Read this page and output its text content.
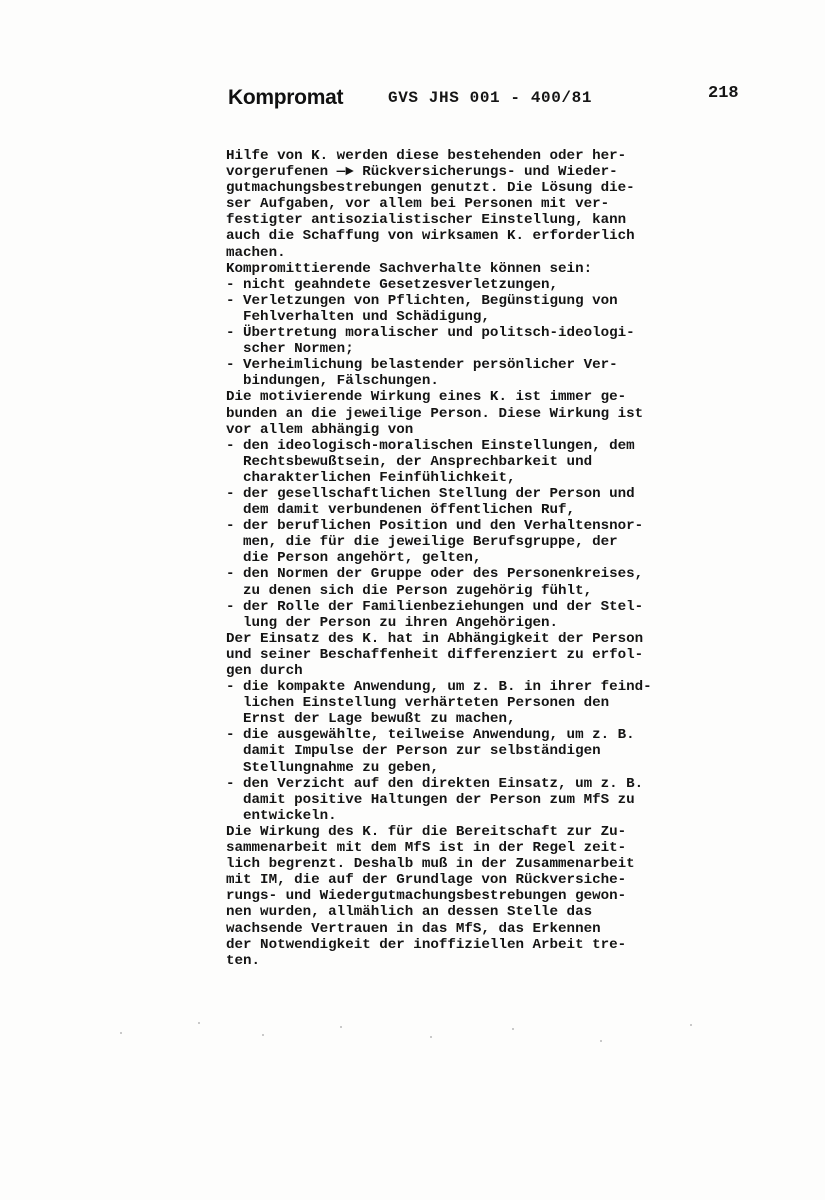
Kompromat	GVS JHS 001 - 400/81	218
Hilfe von K. werden diese bestehenden oder her-
vorgerufenen —► Rückversicherungs- und Wieder-
gutmachungsbestrebungen genutzt. Die Lösung die-
ser Aufgaben, vor allem bei Personen mit ver-
festigter antisozialistischer Einstellung, kann
auch die Schaffung von wirksamen K. erforderlich
machen.
Kompromittierende Sachverhalte können sein:
- nicht geahndete Gesetzesverletzungen,
- Verletzungen von Pflichten, Begünstigung von
Fehlverhalten und Schädigung,
- Übertretung moralischer und politsch-ideologi-
scher Normen;
- Verheimlichung belastender persönlicher Ver-
bindungen, Fälschungen.
Die motivierende Wirkung eines K. ist immer ge-
bunden an die jeweilige Person. Diese Wirkung ist
vor allem abhängig von
- den ideologisch-moralischen Einstellungen, dem
Rechtsbewußtsein, der Ansprechbarkeit und
charakterlichen Feinfühlichkeit,
- der gesellschaftlichen Stellung der Person und
dem damit verbundenen öffentlichen Ruf,
- der beruflichen Position und den Verhaltensnor-
men, die für die jeweilige Berufsgruppe, der
die Person angehört, gelten,
- den Normen der Gruppe oder des Personenkreises,
zu denen sich die Person zugehörig fühlt,
- der Rolle der Familienbeziehungen und der Stel-
lung der Person zu ihren Angehörigen.
Der Einsatz des K. hat in Abhängigkeit der Person
und seiner Beschaffenheit differenziert zu erfol-
gen durch
- die kompakte Anwendung, um z. B. in ihrer feind-
lichen Einstellung verhärteten Personen den
Ernst der Lage bewußt zu machen,
- die ausgewählte, teilweise Anwendung, um z. B.
damit Impulse der Person zur selbständigen
Stellungnahme zu geben,
- den Verzicht auf den direkten Einsatz, um z. B.
damit positive Haltungen der Person zum MfS zu
entwickeln.
Die Wirkung des K. für die Bereitschaft zur Zu-
sammenarbeit mit dem MfS ist in der Regel zeit-
lich begrenzt. Deshalb muß in der Zusammenarbeit
mit IM, die auf der Grundlage von Rückversiche-
rungs- und Wiedergutmachungsbestrebungen gewon-
nen wurden, allmählich an dessen Stelle das
wachsende Vertrauen in das MfS, das Erkennen
der Notwendigkeit der inoffiziellen Arbeit tre-
ten.
